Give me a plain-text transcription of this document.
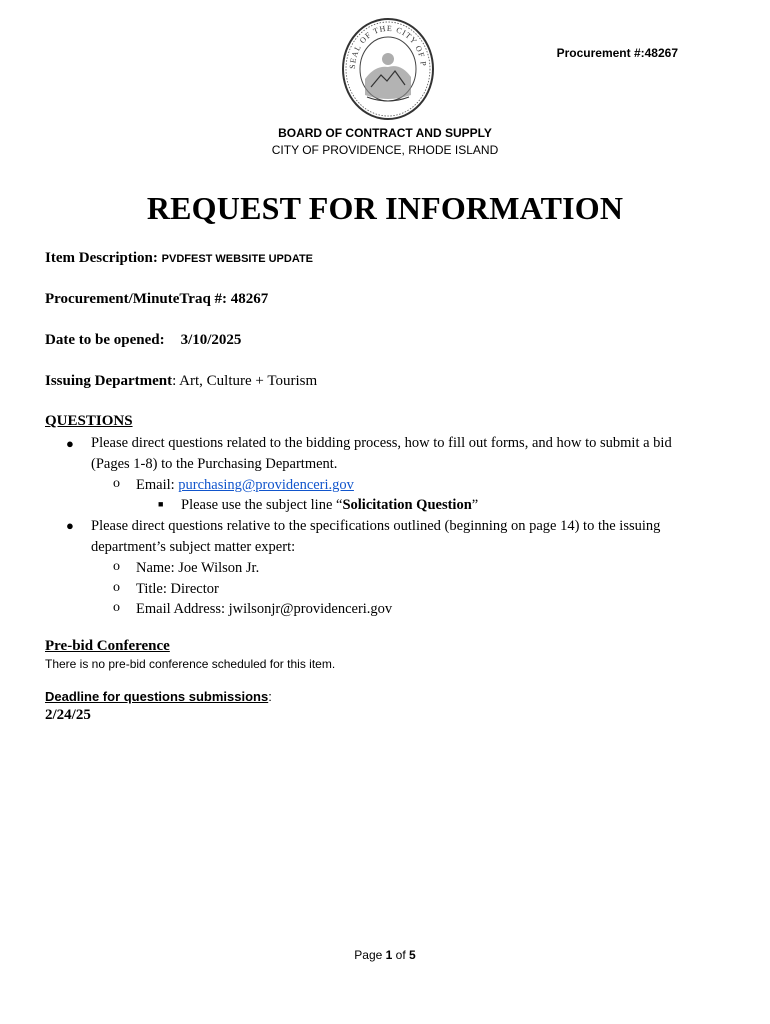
SEAL OF THE CITY OF P
Procurement #:48267
BOARD OF CONTRACT AND SUPPLY
CITY OF PROVIDENCE, RHODE ISLAND
REQUEST FOR INFORMATION
Item Description: PVDFEST WEBSITE UPDATE
Procurement/MinuteTraq #: 48267
Date to be opened: 3/10/2025
Issuing Department: Art, Culture + Tourism
QUESTIONS
● Please direct questions related to the bidding process, how to fill out forms, and how to submit a bid
(Pages 1-8) to the Purchasing Department.
o Email: purchasing@providenceri.gov
■ Please use the subject line “Solicitation Question”
● Please direct questions relative to the specifications outlined (beginning on page 14) to the issuing
department’s subject matter expert:
o Name: Joe Wilson Jr.
o Title: Director
o Email Address: jwilsonjr@providenceri.gov
Pre-bid Conference
There is no pre-bid conference scheduled for this item.
Deadline for questions submissions:
2/24/25
Page 1 of 5
